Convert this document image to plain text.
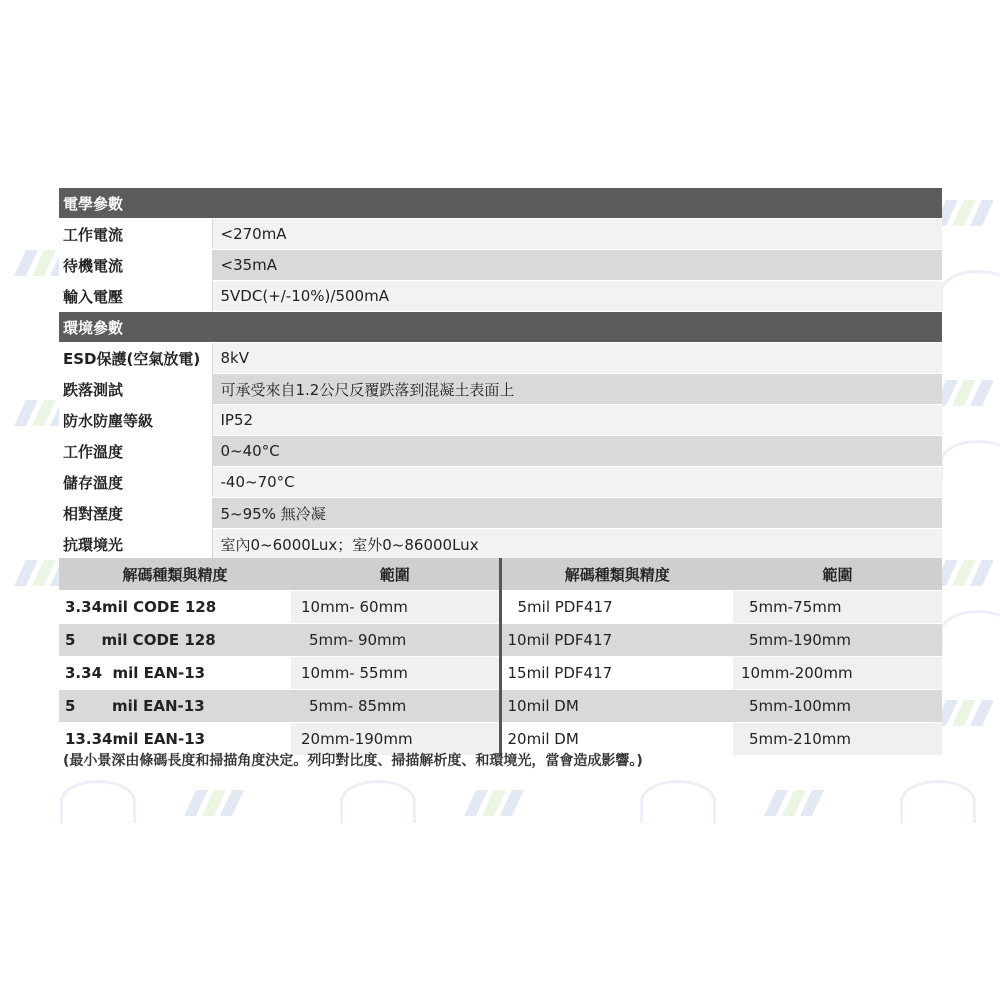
電學參數	
工作電流	<270mA
待機電流	<35mA
輸入電壓	5VDC(+/-10%)/500mA
環境參數	
ESD保護(空氣放電)	8kV
跌落測試	可承受來自1.2公尺反覆跌落到混凝土表面上
防水防塵等級	IP52
工作溫度	0~40°C
儲存溫度	-40~70°C
相對溼度	5~95% 無冷凝
抗環境光	室內0~6000Lux；室外0~86000Lux
解碼種類與精度	範圍	解碼種類與精度	範圍
3.34mil CODE 128	10mm- 60mm	5mil PDF417	5mm-75mm
5     mil CODE 128	5mm- 90mm	10mil PDF417	5mm-190mm
3.34  mil EAN-13	10mm- 55mm	15mil PDF417	10mm-200mm
5       mil EAN-13	5mm- 85mm	10mil DM	5mm-100mm
13.34mil EAN-13	20mm-190mm	20mil DM	5mm-210mm
(最小景深由條碼長度和掃描角度決定。列印對比度、掃描解析度、和環境光，當會造成影響。)
